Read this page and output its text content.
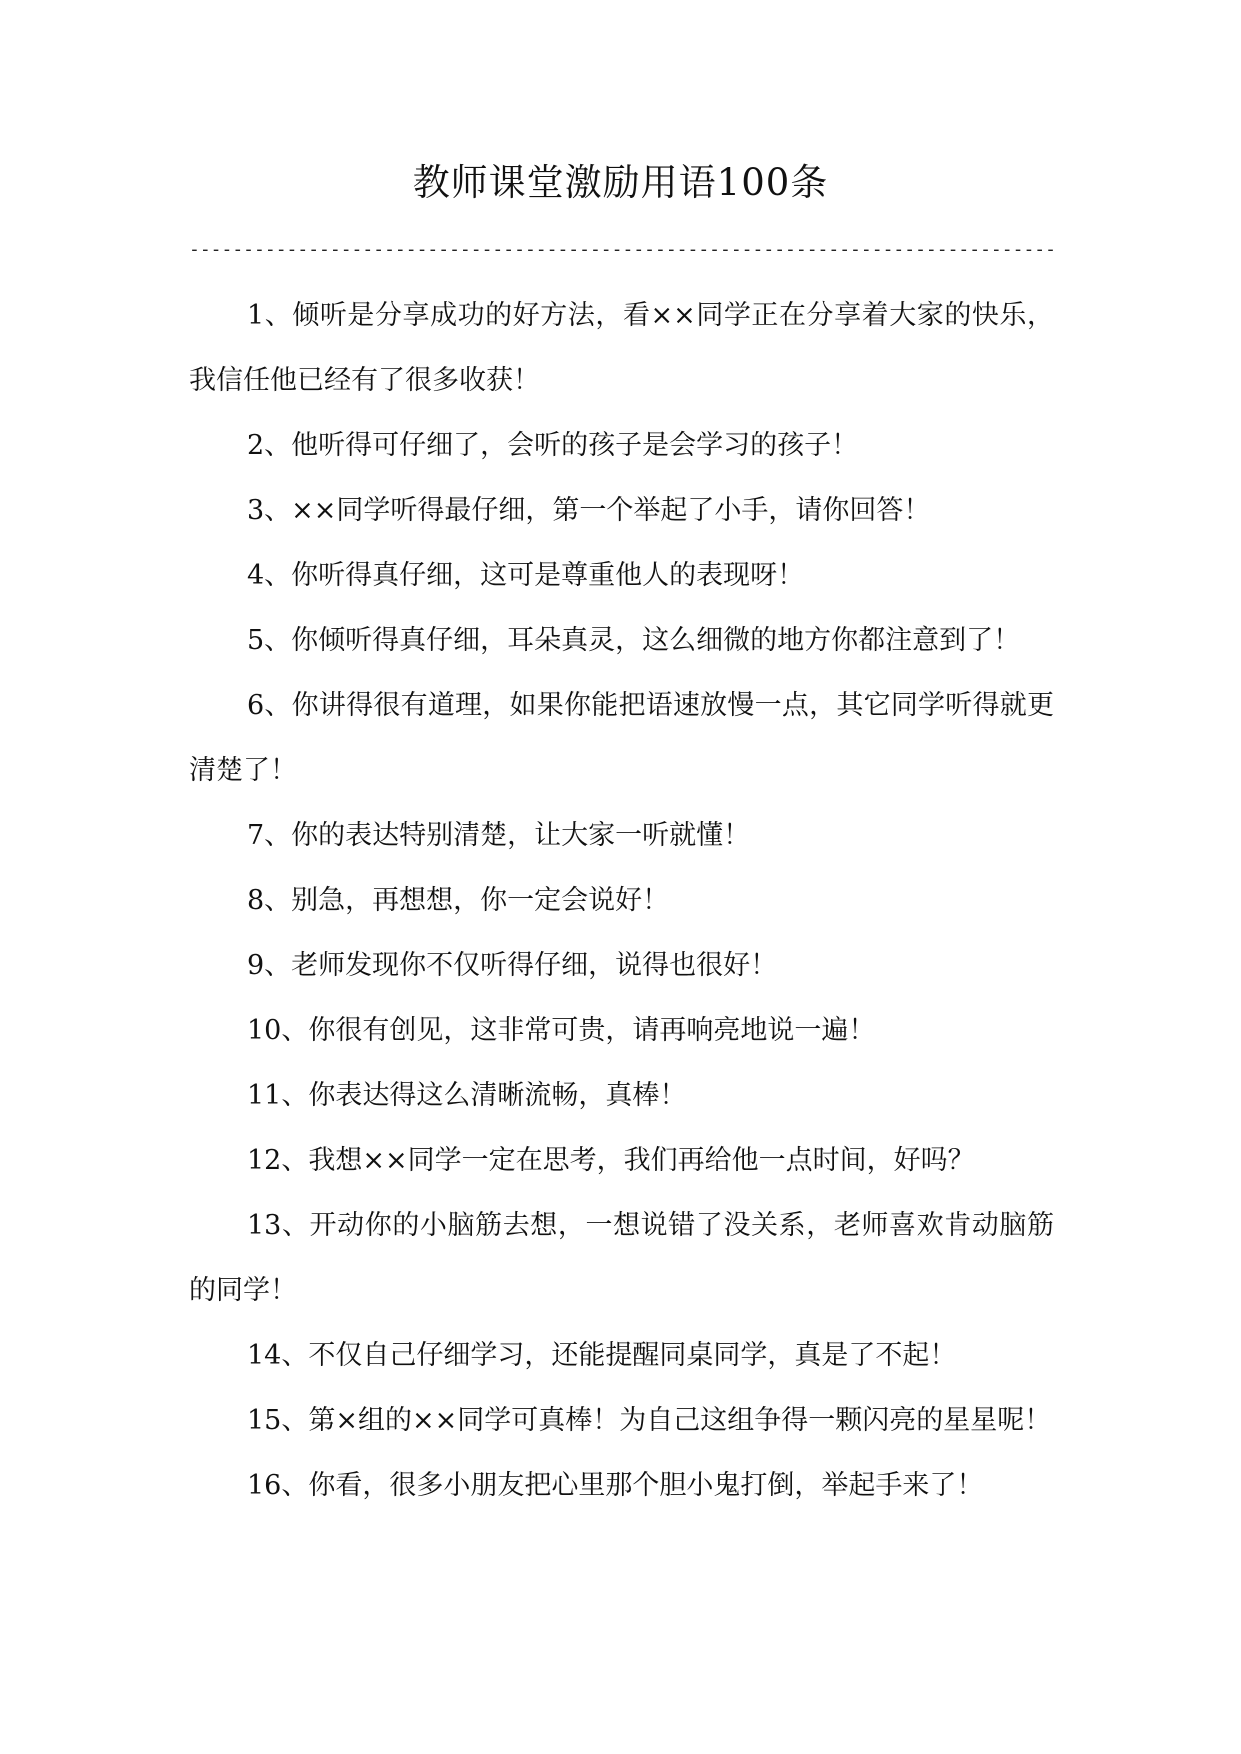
教师课堂激励用语100条
--------------------------------------------------------------------------------

1、倾听是分享成功的好方法，看××同学正在分享着大家的快乐，我信任他已经有了很多收获！

2、他听得可仔细了，会听的孩子是会学习的孩子！

3、××同学听得最仔细，第一个举起了小手，请你回答！

4、你听得真仔细，这可是尊重他人的表现呀！

5、你倾听得真仔细，耳朵真灵，这么细微的地方你都注意到了！

6、你讲得很有道理，如果你能把语速放慢一点，其它同学听得就更清楚了！

7、你的表达特别清楚，让大家一听就懂！

8、别急，再想想，你一定会说好！

9、老师发现你不仅听得仔细，说得也很好！

10、你很有创见，这非常可贵，请再响亮地说一遍！

11、你表达得这么清晰流畅，真棒！

12、我想××同学一定在思考，我们再给他一点时间，好吗？

13、开动你的小脑筋去想，一想说错了没关系，老师喜欢肯动脑筋的同学！

14、不仅自己仔细学习，还能提醒同桌同学，真是了不起！

15、第×组的××同学可真棒！为自己这组争得一颗闪亮的星星呢！

16、你看，很多小朋友把心里那个胆小鬼打倒，举起手来了！
